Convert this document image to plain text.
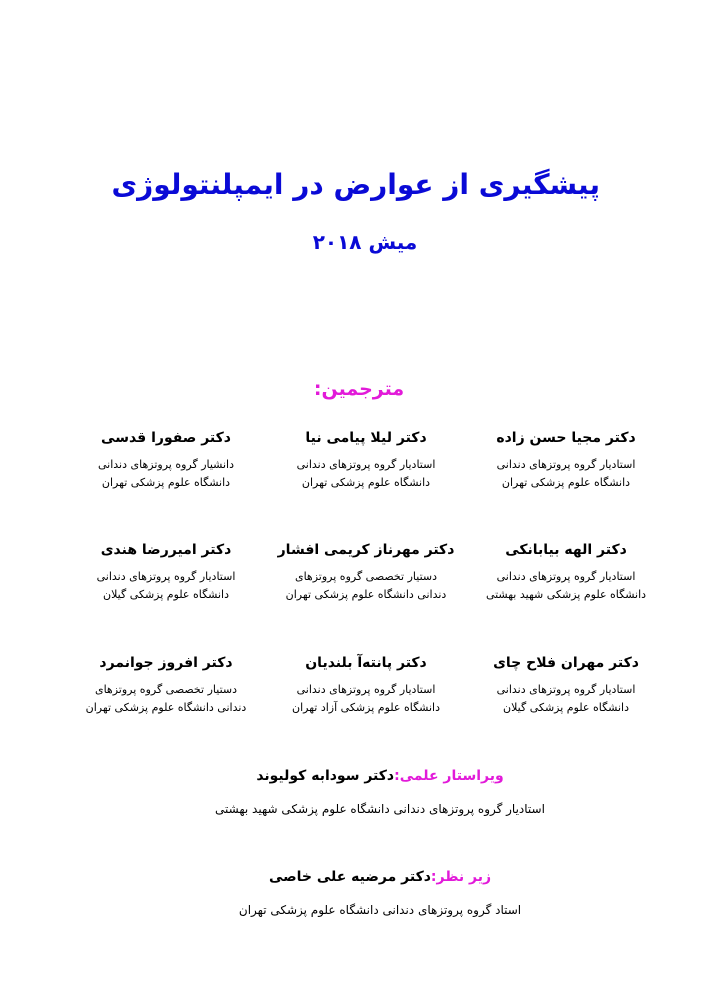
پیشگیری از عوارض در ایمپلنتولوژی
میش ۲۰۱۸
مترجمین:
دکتر مجیا حسن زاده
استادیار گروه پروتزهای دندانی
دانشگاه علوم پزشکی تهران
دکتر لیلا پیامی نیا
استادیار گروه پروتزهای دندانی
دانشگاه علوم پزشکی تهران
دکتر صفورا قدسی
دانشیار گروه پروتزهای دندانی
دانشگاه علوم پزشکی تهران
دکتر الهه بیابانکی
استادیار گروه پروتزهای دندانی
دانشگاه علوم پزشکی شهید بهشتی
دکتر مهرناز کریمی افشار
دستیار تخصصی گروه پروتزهای
دندانی دانشگاه علوم پزشکی تهران
دکتر امیررضا هندی
استادیار گروه پروتزهای دندانی
دانشگاه علوم پزشکی گیلان
دکتر مهران فلاح چای
استادیار گروه پروتزهای دندانی
دانشگاه علوم پزشکی گیلان
دکتر پانته‌آ بلندیان
استادیار گروه پروتزهای دندانی
دانشگاه علوم پزشکی آزاد تهران
دکتر افروز جوانمرد
دستیار تخصصی گروه پروتزهای
دندانی دانشگاه علوم پزشکی تهران
ویراستار علمی:دکتر سودابه کولیوند
استادیار گروه پروتزهای دندانی دانشگاه علوم پزشکی شهید بهشتی
زیر نظر:دکتر مرضیه علی خاصی
استاد گروه پروتزهای دندانی دانشگاه علوم پزشکی تهران
